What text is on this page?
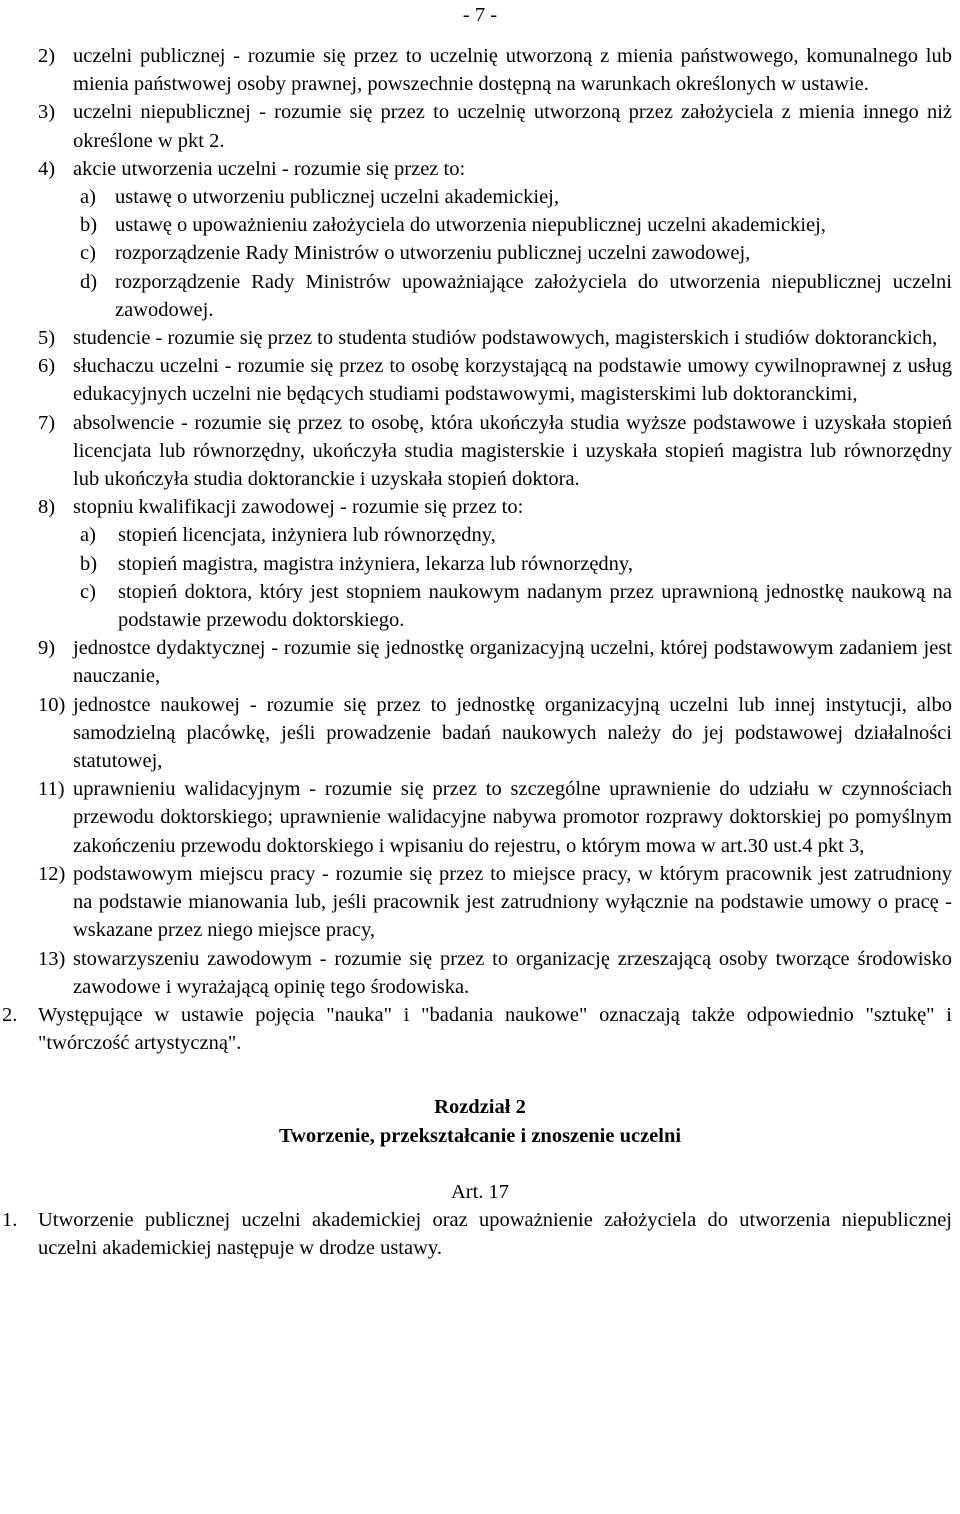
- 7 -
2) uczelni publicznej - rozumie się przez to uczelnię utworzoną z mienia państwowego, komunalnego lub mienia państwowej osoby prawnej, powszechnie dostępną na warunkach określonych w ustawie.
3) uczelni niepublicznej - rozumie się przez to uczelnię utworzoną przez założyciela z mienia innego niż określone w pkt 2.
4) akcie utworzenia uczelni - rozumie się przez to:
a) ustawę o utworzeniu publicznej uczelni akademickiej,
b) ustawę o upoważnieniu założyciela do utworzenia niepublicznej uczelni akademickiej,
c) rozporządzenie Rady Ministrów o utworzeniu publicznej uczelni zawodowej,
d) rozporządzenie Rady Ministrów upoważniające założyciela do utworzenia niepublicznej uczelni zawodowej.
5) studencie - rozumie się przez to studenta studiów podstawowych, magisterskich i studiów doktoranckich,
6) słuchaczu uczelni - rozumie się przez to osobę korzystającą na podstawie umowy cywilnoprawnej z usług edukacyjnych uczelni nie będących studiami podstawowymi, magisterskimi lub doktoranckimi,
7) absolwencie - rozumie się przez to osobę, która ukończyła studia wyższe podstawowe i uzyskała stopień licencjata lub równorzędny, ukończyła studia magisterskie i uzyskała stopień magistra lub równorzędny lub ukończyła studia doktoranckie i uzyskała stopień doktora.
8) stopniu kwalifikacji zawodowej - rozumie się przez to:
a)	stopień licencjata, inżyniera lub równorzędny,
b)	stopień magistra, magistra inżyniera, lekarza lub równorzędny,
c)	stopień doktora, który jest stopniem naukowym nadanym przez uprawnioną jednostkę naukową na podstawie przewodu doktorskiego.
9) jednostce dydaktycznej - rozumie się jednostkę organizacyjną uczelni, której podstawowym zadaniem jest nauczanie,
10) jednostce naukowej - rozumie się przez to jednostkę organizacyjną uczelni lub innej instytucji, albo samodzielną placówkę, jeśli prowadzenie badań naukowych należy do jej podstawowej działalności statutowej,
11) uprawnieniu walidacyjnym - rozumie się przez to szczególne uprawnienie do udziału w czynnościach przewodu doktorskiego; uprawnienie walidacyjne nabywa promotor rozprawy doktorskiej po pomyślnym zakończeniu przewodu doktorskiego i wpisaniu do rejestru, o którym mowa w art.30 ust.4 pkt 3,
12) podstawowym miejscu pracy - rozumie się przez to miejsce pracy, w którym pracownik jest zatrudniony na podstawie mianowania lub, jeśli pracownik jest zatrudniony wyłącznie na podstawie umowy o pracę - wskazane przez niego miejsce pracy,
13) stowarzyszeniu zawodowym - rozumie się przez to organizację zrzeszającą osoby tworzące środowisko zawodowe i wyrażającą opinię tego środowiska.
2.	Występujące w ustawie pojęcia "nauka" i "badania naukowe" oznaczają także odpowiednio "sztukę" i "twórczość artystyczną".
Rozdział 2
Tworzenie, przekształcanie i znoszenie uczelni
Art. 17
1.	Utworzenie publicznej uczelni akademickiej oraz upoważnienie założyciela do utworzenia niepublicznej uczelni akademickiej następuje w drodze ustawy.
